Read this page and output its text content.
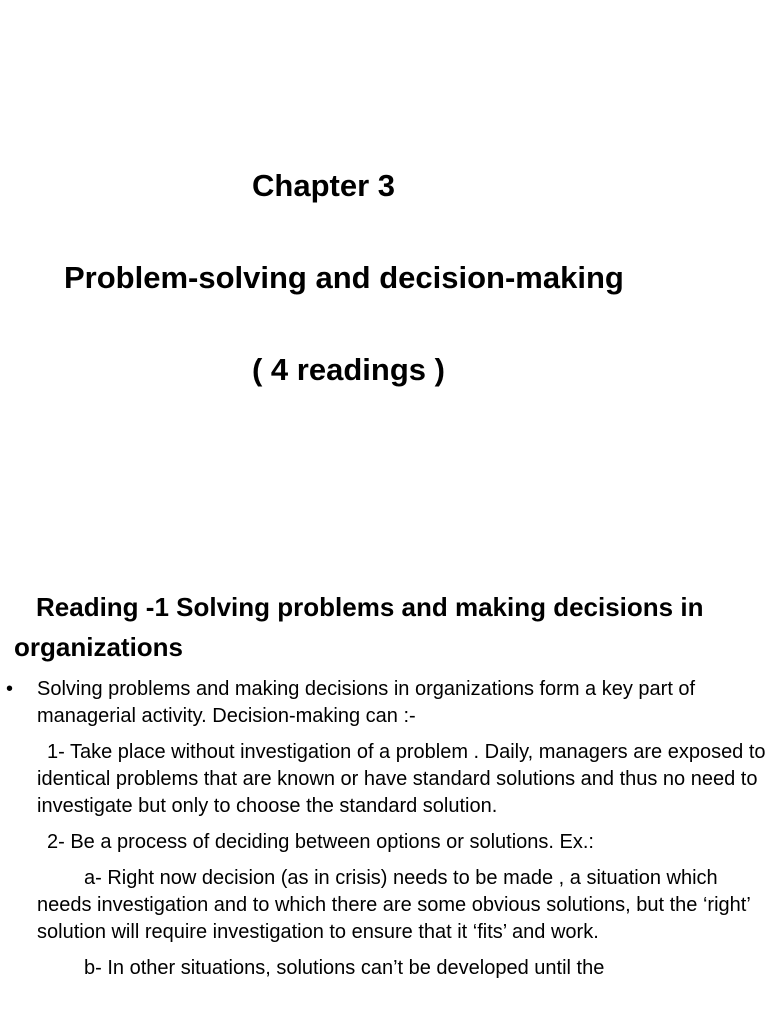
Chapter 3
Problem-solving and decision-making
( 4 readings )
Reading -1 Solving problems and making decisions in organizations
• Solving problems and making decisions in organizations form a key part of managerial activity. Decision-making can :-

1- Take place without investigation of a problem . Daily, managers are exposed to identical problems that are known or have standard solutions and thus no need to investigate but only to choose the standard solution.

2- Be a process of deciding between options or solutions. Ex.:

a- Right now decision (as in crisis) needs to be made , a situation which needs investigation and to which there are some obvious solutions, but the ‘right’ solution will require investigation to ensure that it ‘fits’ and work.

b- In other situations, solutions can’t be developed until the
